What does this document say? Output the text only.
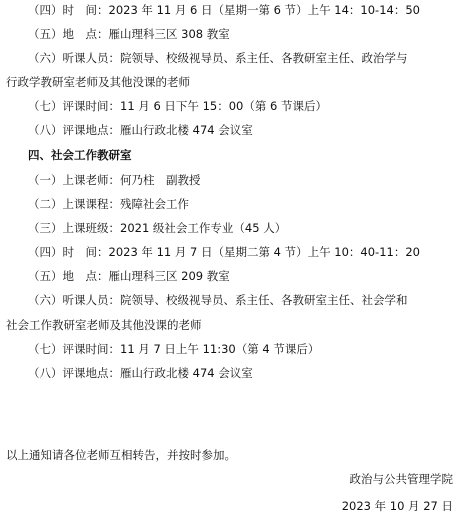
（四）时　间：2023 年 11 月 6 日（星期一第 6 节）上午 14：10-14：50
（五）地　点：雁山理科三区 308 教室
（六）听课人员：院领导、校级视导员、系主任、各教研室主任、政治学与
行政学教研室老师及其他没课的老师
（七）评课时间：11 月 6 日下午 15：00（第 6 节课后）
（八）评课地点：雁山行政北楼 474 会议室
四、社会工作教研室
（一）上课老师：何乃柱　副教授
（二）上课课程：残障社会工作
（三）上课班级：2021 级社会工作专业（45 人）
（四）时　间：2023 年 11 月 7 日（星期二第 4 节）上午 10：40-11：20
（五）地　点：雁山理科三区 209 教室
（六）听课人员：院领导、校级视导员、系主任、各教研室主任、社会学和
社会工作教研室老师及其他没课的老师
（七）评课时间：11 月 7 日上午 11:30（第 4 节课后）
（八）评课地点：雁山行政北楼 474 会议室
以上通知请各位老师互相转告，并按时参加。
政治与公共管理学院
2023 年 10 月 27 日
